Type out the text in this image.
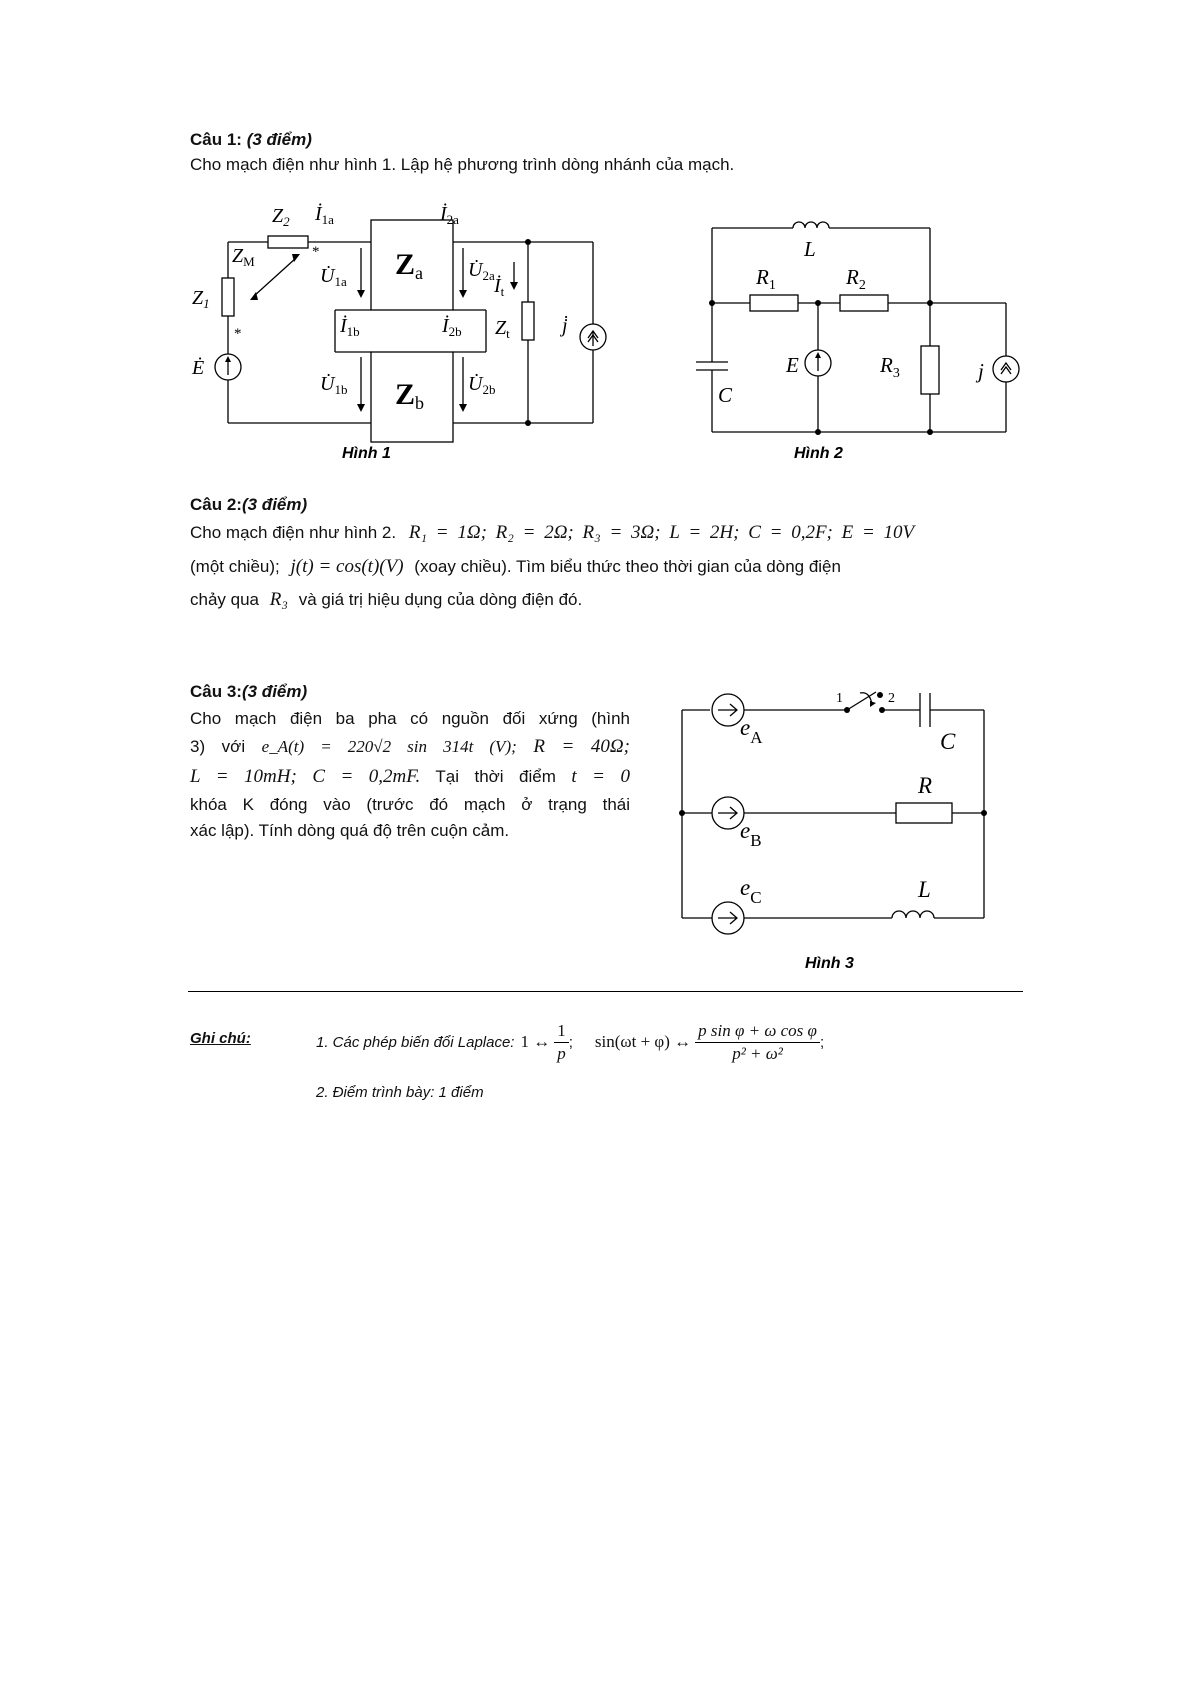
Câu 1: (3 điểm)
Cho mạch điện như hình 1. Lập hệ phương trình dòng nhánh của mạch.
$Z_2$ $İ_{1a}$	$İ_{2a}$
$Z_M$
$U̇_{1a}$
$U̇_{2a}$ $İ_t$
$Z_1$
$İ_{1b}$	$İ_{2b}$ $Z_t$	j̇
Ė
$U̇_{1b}$	$U̇_{2b}$
Za
Zb
*
*
Hình 1
L
$R_1$	$R_2$
C
E	$R_3$	j
Hình 2
Câu 2:(3 điểm)
Cho mạch điện như hình 2. R₁ = 1Ω; R₂ = 2Ω; R₃ = 3Ω; L = 2H; C = 0,2F; E = 10V
(một chiều); j(t) = cos(t)(V) (xoay chiều). Tìm biểu thức theo thời gian của dòng điện
chảy qua R₃ và giá trị hiệu dụng của dòng điện đó.
Câu 3:(3 điểm)
Cho mạch điện ba pha có nguồn đối xứng (hình
3) với e_A(t) = 220√2 sin 314t (V); R = 40Ω;
L = 10mH; C = 0,2mF. Tại thời điểm t = 0
khóa K đóng vào (trước đó mạch ở trạng thái
xác lập). Tính dòng quá độ trên cuộn cảm.
1	2
$e_A$
$e_B$
$e_C$
C
R
L
Hình 3
Ghi chú:	1. Các phép biến đổi Laplace: 1 ↔ $\frac{1}{p}$ ; sin(ωt + φ) ↔ $\frac{\text{p sin φ + ω cos φ}}{\text{p² + ω²}}$ ;
2. Điểm trình bày: 1 điểm
